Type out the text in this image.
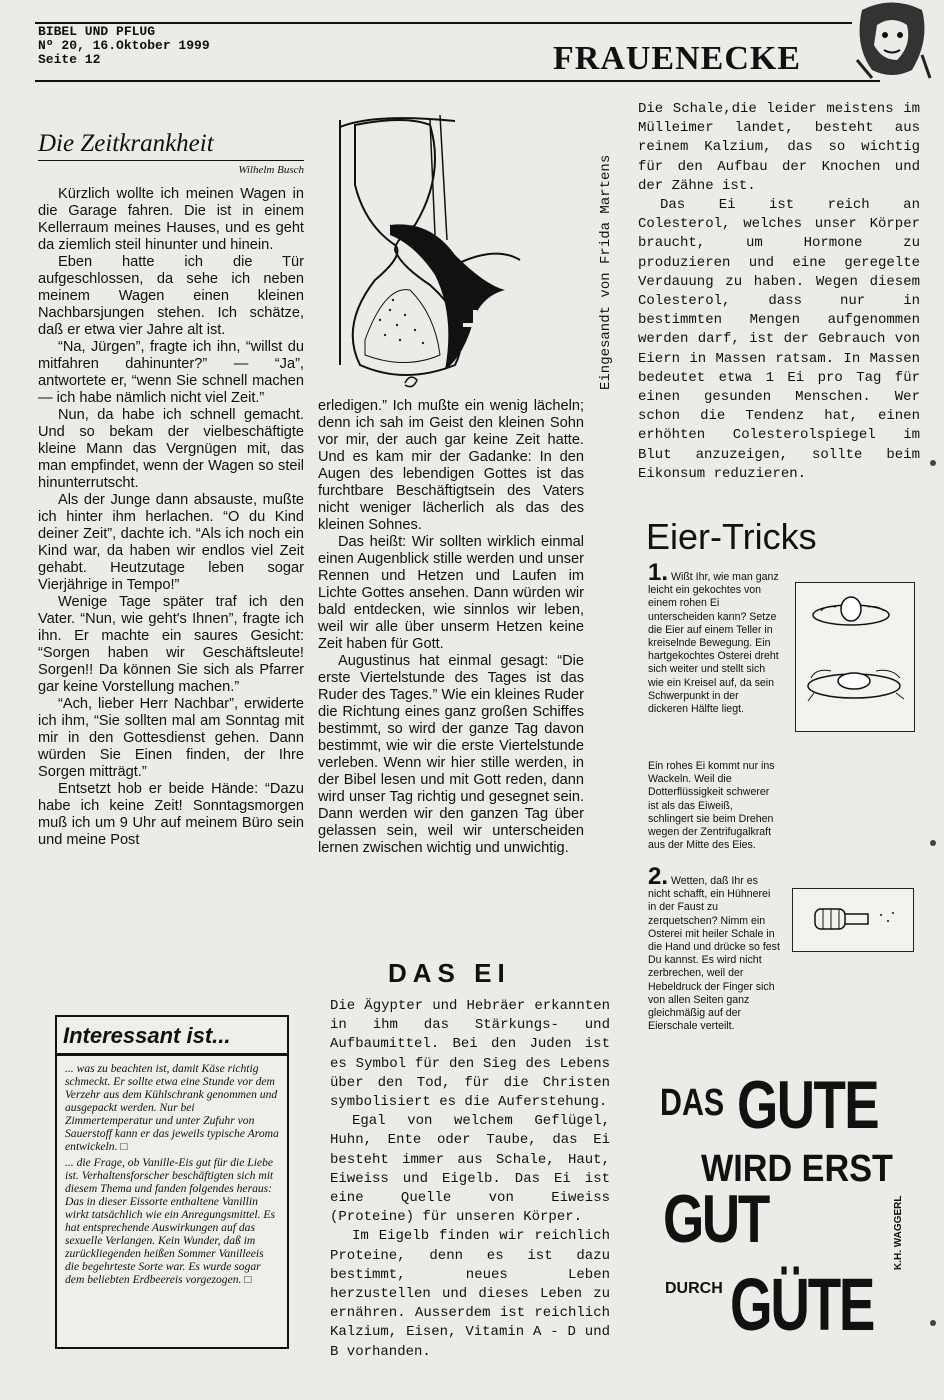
BIBEL UND PFLUG
Nº 20, 16.Oktober 1999
Seite 12	FRAUENECKE
Die Zeitkrankheit
Wilhelm Busch

Kürzlich wollte ich meinen Wagen in die Garage fahren. Die ist in einem Kellerraum meines Hauses, und es geht da ziemlich steil hinunter und hinein.

Eben hatte ich die Tür aufgeschlossen, da sehe ich neben meinem Wagen einen kleinen Nachbarsjungen stehen. Ich schätze, daß er etwa vier Jahre alt ist.

“Na, Jürgen”, fragte ich ihn, “willst du mitfahren dahinunter?” — “Ja”, antwortete er, “wenn Sie schnell machen — ich habe nämlich nicht viel Zeit.”

Nun, da habe ich schnell gemacht. Und so bekam der vielbeschäftigte kleine Mann das Vergnügen mit, das man empfindet, wenn der Wagen so steil hinunterrutscht.

Als der Junge dann absauste, mußte ich hinter ihm herlachen. “O du Kind deiner Zeit”, dachte ich. “Als ich noch ein Kind war, da haben wir endlos viel Zeit gehabt. Heutzutage leben sogar Vierjährige in Tempo!”

Wenige Tage später traf ich den Vater. “Nun, wie geht's Ihnen”, fragte ich ihn. Er machte ein saures Gesicht: “Sorgen haben wir Geschäftsleute! Sorgen!! Da können Sie sich als Pfarrer gar keine Vorstellung machen.”

“Ach, lieber Herr Nachbar”, erwiderte ich ihm, “Sie sollten mal am Sonntag mit mir in den Gottesdienst gehen. Dann würden Sie Einen finden, der Ihre Sorgen mitträgt.”

Entsetzt hob er beide Hände: “Dazu habe ich keine Zeit! Sonntagsmorgen muß ich um 9 Uhr auf meinem Büro sein und meine Post

Eingesandt von Frida Martens

erledigen.” Ich mußte ein wenig lächeln; denn ich sah im Geist den kleinen Sohn vor mir, der auch gar keine Zeit hatte. Und es kam mir der Gadanke: In den Augen des lebendigen Gottes ist das furchtbare Beschäftigtsein des Vaters nicht weniger lächerlich als das des kleinen Sohnes.

Das heißt: Wir sollten wirklich einmal einen Augenblick stille werden und unser Rennen und Hetzen und Laufen im Lichte Gottes ansehen. Dann würden wir bald entdecken, wie sinnlos wir leben, weil wir alle über unserm Hetzen keine Zeit haben für Gott.

Augustinus hat einmal gesagt: “Die erste Viertelstunde des Tages ist das Ruder des Tages.” Wie ein kleines Ruder die Richtung eines ganz großen Schiffes bestimmt, so wird der ganze Tag davon bestimmt, wie wir die erste Viertelstunde verleben. Wenn wir hier stille werden, in der Bibel lesen und mit Gott reden, dann wird unser Tag richtig und gesegnet sein. Dann werden wir den ganzen Tag über gelassen sein, weil wir unterscheiden lernen zwischen wichtig und unwichtig.

DAS EI

Die Ägypter und Hebräer erkannten in ihm das Stärkungs- und Aufbaumittel. Bei den Juden ist es Symbol für den Sieg des Lebens über den Tod, für die Christen symbolisiert es die Auferstehung.

Egal von welchem Geflügel, Huhn, Ente oder Taube, das Ei besteht immer aus Schale, Haut, Eiweiss und Eigelb. Das Ei ist eine Quelle von Eiweiss (Proteine) für unseren Körper.

Im Eigelb finden wir reichlich Proteine, denn es ist dazu bestimmt, neues Leben herzustellen und dieses Leben zu ernähren. Ausserdem ist reichlich Kalzium, Eisen, Vitamin A - D und B vorhanden.

Die Schale,die leider meistens im Mülleimer landet, besteht aus reinem Kalzium, das so wichtig für den Aufbau der Knochen und der Zähne ist.

Das Ei ist reich an Colesterol, welches unser Körper braucht, um Hormone zu produzieren und eine geregelte Verdauung zu haben. Wegen diesem Colesterol, dass nur in bestimmten Mengen aufgenommen werden darf, ist der Gebrauch von Eiern in Massen ratsam. In Massen bedeutet etwa 1 Ei pro Tag für einen gesunden Menschen. Wer schon die Tendenz hat, einen erhöhten Colesterolspiegel im Blut anzuzeigen, sollte beim Eikonsum reduzieren.

Interessant ist...

... was zu beachten ist, damit Käse richtig schmeckt. Er sollte etwa eine Stunde vor dem Verzehr aus dem Kühlschrank genommen und ausgepackt werden. Nur bei Zimmertemperatur und unter Zufuhr von Sauerstoff kann er das jeweils typische Aroma entwickeln. □

... die Frage, ob Vanille-Eis gut für die Liebe ist. Verhaltensforscher beschäftigten sich mit diesem Thema und fanden folgendes heraus: Das in dieser Eissorte enthaltene Vanillin wirkt tatsächlich wie ein Anregungsmittel. Es hat entsprechende Auswirkungen auf das sexuelle Verlangen. Kein Wunder, daß im zurückliegenden heißen Sommer Vanilleeis die begehrteste Sorte war. Es wurde sogar dem beliebten Erdbeereis vorgezogen. □

Eier-Tricks
1. Wißt Ihr, wie man ganz leicht ein gekochtes von einem rohen Ei unterscheiden kann? Setze die Eier auf einem Teller in kreiselnde Bewegung. Ein hartgekochtes Osterei dreht sich weiter und stellt sich wie ein Kreisel auf, da sein Schwerpunkt in der dickeren Hälfte liegt.
Ein rohes Ei kommt nur ins Wackeln. Weil die Dotterflüssigkeit schwerer ist als das Eiweiß, schlingert sie beim Drehen wegen der Zentrifugalkraft aus der Mitte des Eies.
2. Wetten, daß Ihr es nicht schafft, ein Hühnerei in der Faust zu zerquetschen? Nimm ein Osterei mit heiler Schale in die Hand und drücke so fest Du kannst. Es wird nicht zerbrechen, weil der Hebeldruck der Finger sich von allen Seiten ganz gleichmäßig auf der Eierschale verteilt.
DAS GUTE
WIRD ERST
GUT
DURCH GÜTE
K.H. WAGGERL
